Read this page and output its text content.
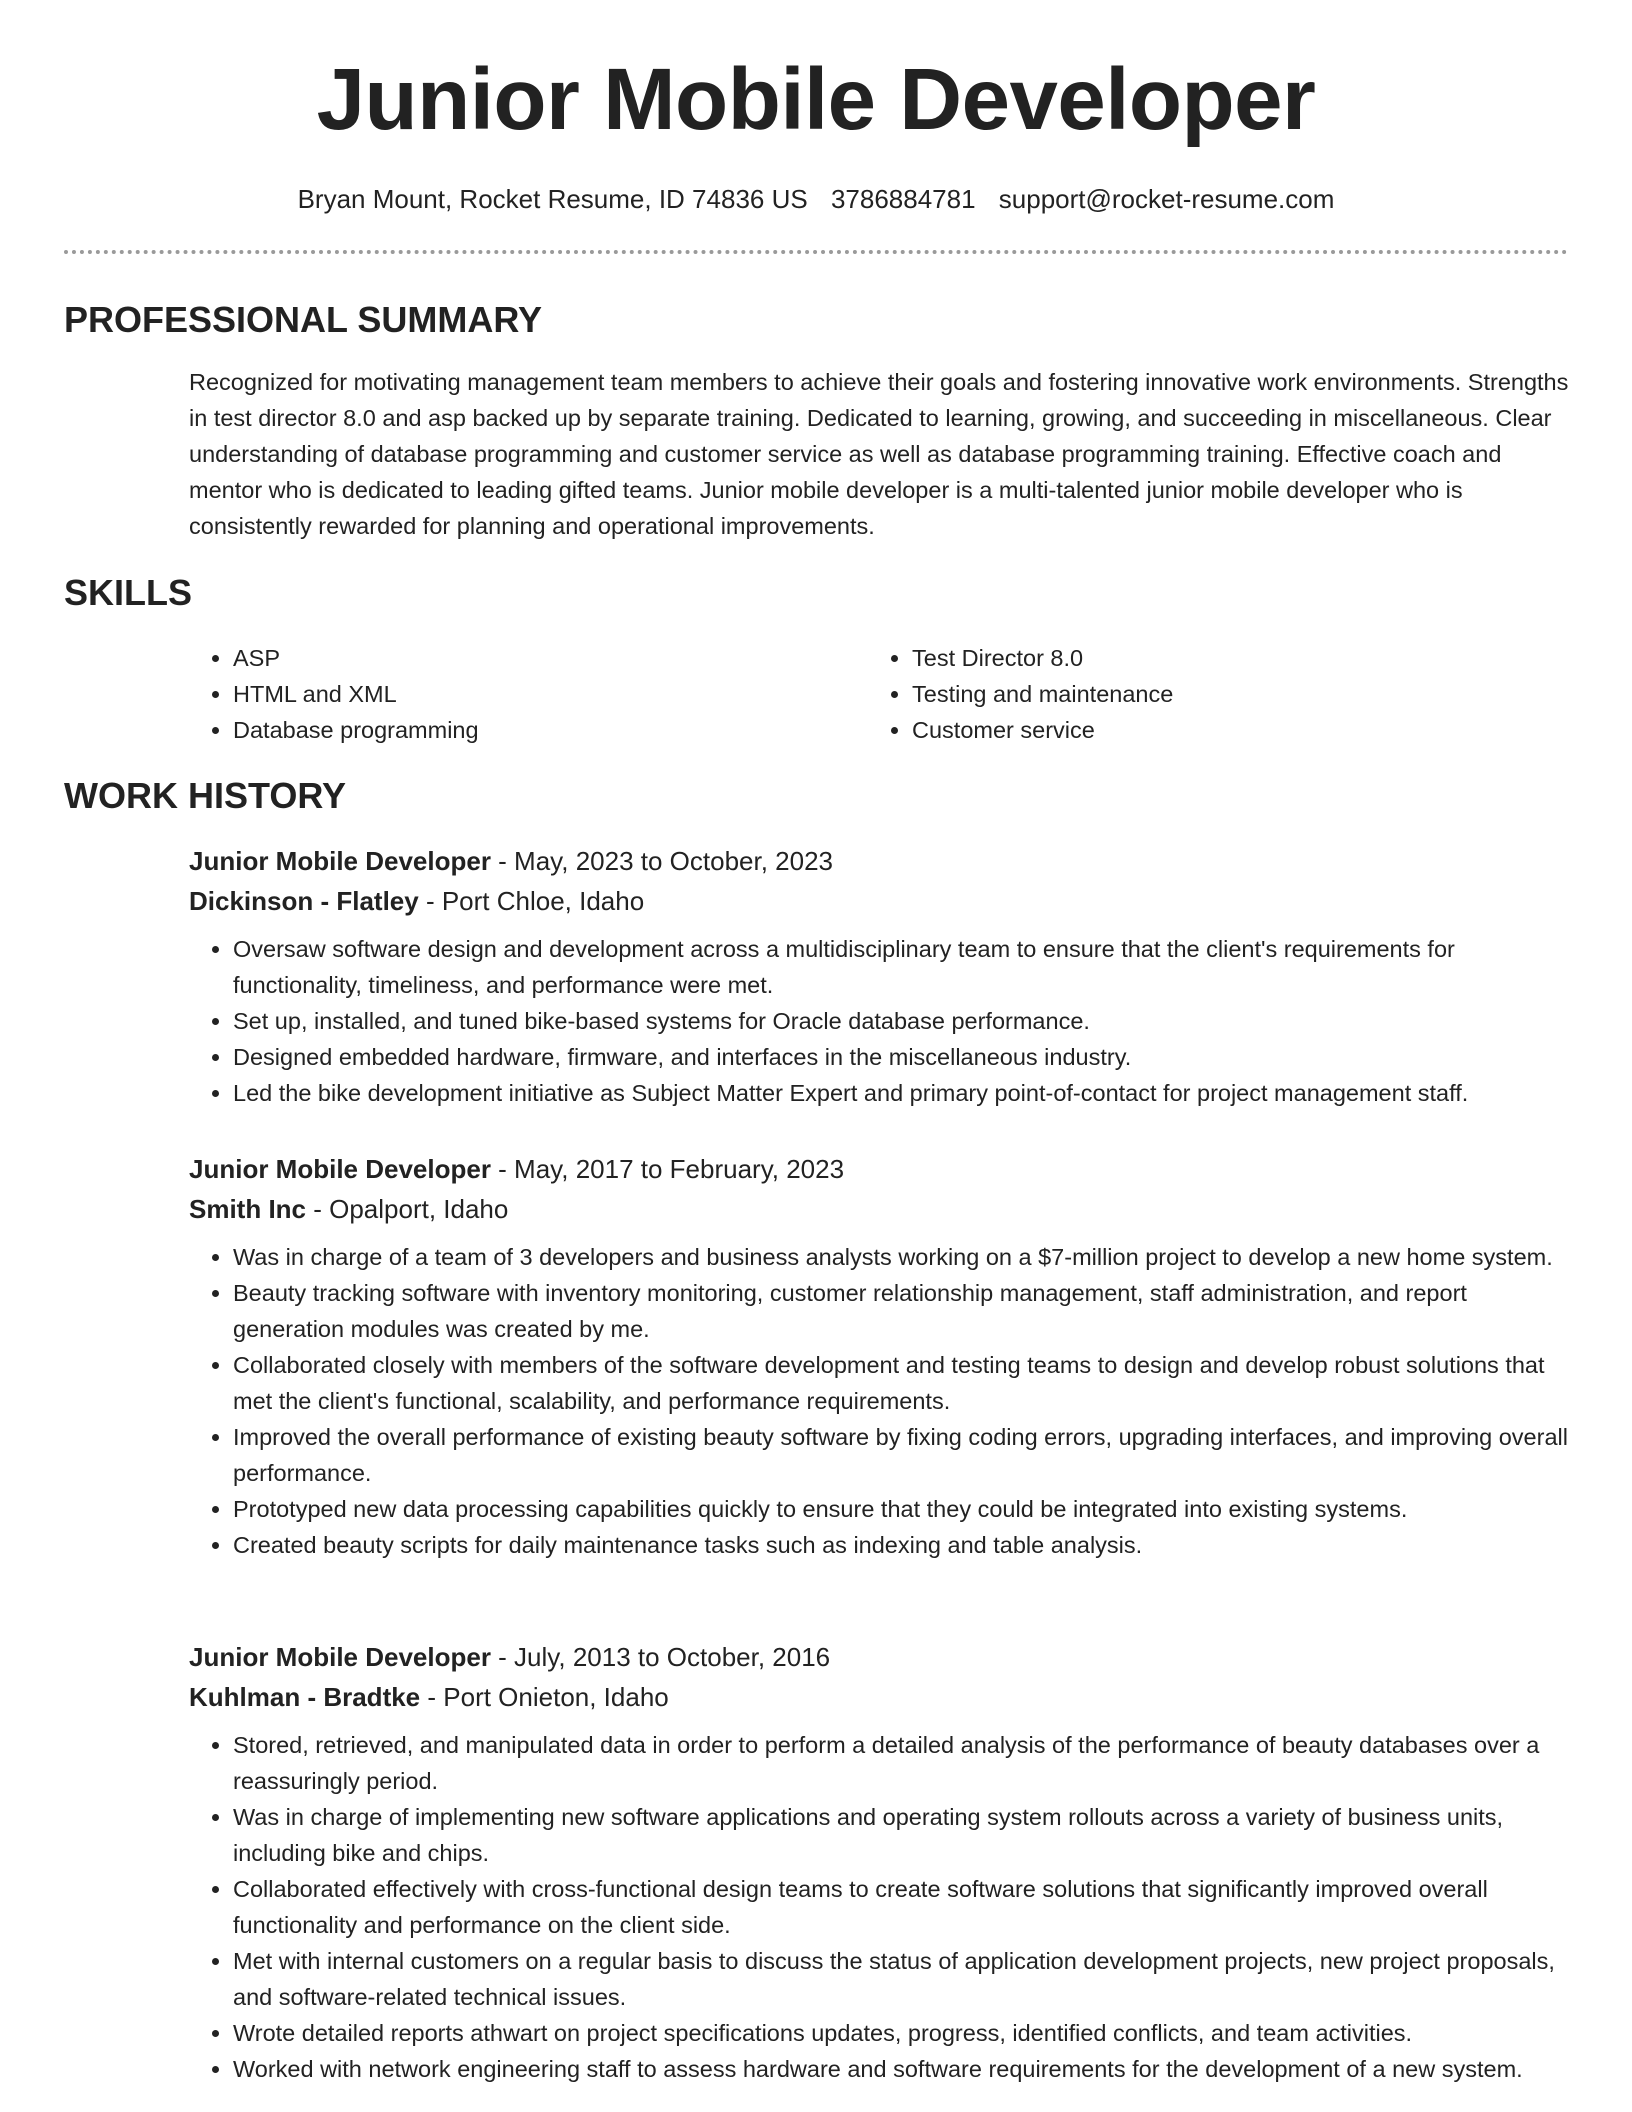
Junior Mobile Developer
Bryan Mount, Rocket Resume, ID 74836 US 3786884781 support@rocket-resume.com
PROFESSIONAL SUMMARY

Recognized for motivating management team members to achieve their goals and fostering innovative work environments. Strengths in test director 8.0 and asp backed up by separate training. Dedicated to learning, growing, and succeeding in miscellaneous. Clear understanding of database programming and customer service as well as database programming training. Effective coach and mentor who is dedicated to leading gifted teams. Junior mobile developer is a multi-talented junior mobile developer who is consistently rewarded for planning and operational improvements.

SKILLS
• ASP
• HTML and XML
• Database programming
• Test Director 8.0
• Testing and maintenance
• Customer service
WORK HISTORY
Junior Mobile Developer - May, 2023 to October, 2023
Dickinson - Flatley - Port Chloe, Idaho
• Oversaw software design and development across a multidisciplinary team to ensure that the client's requirements for functionality, timeliness, and performance were met.
• Set up, installed, and tuned bike-based systems for Oracle database performance.
• Designed embedded hardware, firmware, and interfaces in the miscellaneous industry.
• Led the bike development initiative as Subject Matter Expert and primary point-of-contact for project management staff.
Junior Mobile Developer - May, 2017 to February, 2023
Smith Inc - Opalport, Idaho
• Was in charge of a team of 3 developers and business analysts working on a $7-million project to develop a new home system.
• Beauty tracking software with inventory monitoring, customer relationship management, staff administration, and report generation modules was created by me.
• Collaborated closely with members of the software development and testing teams to design and develop robust solutions that met the client's functional, scalability, and performance requirements.
• Improved the overall performance of existing beauty software by fixing coding errors, upgrading interfaces, and improving overall performance.
• Prototyped new data processing capabilities quickly to ensure that they could be integrated into existing systems.
• Created beauty scripts for daily maintenance tasks such as indexing and table analysis.
Junior Mobile Developer - July, 2013 to October, 2016
Kuhlman - Bradtke - Port Onieton, Idaho
• Stored, retrieved, and manipulated data in order to perform a detailed analysis of the performance of beauty databases over a reassuringly period.
• Was in charge of implementing new software applications and operating system rollouts across a variety of business units, including bike and chips.
• Collaborated effectively with cross-functional design teams to create software solutions that significantly improved overall functionality and performance on the client side.
• Met with internal customers on a regular basis to discuss the status of application development projects, new project proposals, and software-related technical issues.
• Wrote detailed reports athwart on project specifications updates, progress, identified conflicts, and team activities.
• Worked with network engineering staff to assess hardware and software requirements for the development of a new system.
